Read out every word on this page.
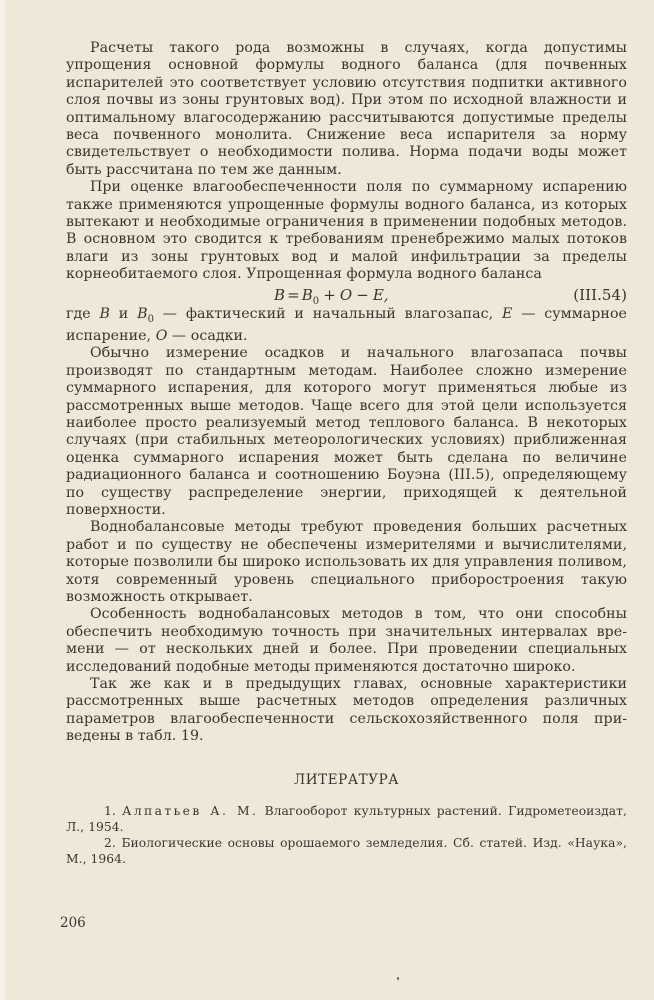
Расчеты такого рода возможны в случаях, когда допустимы упрощения основной формулы водного баланса (для почвенных испарителей это соответствует условию отсутствия подпитки активного слоя почвы из зоны грунтовых вод). При этом по исходной влажности и оптимальному влагосодержанию рассчитываются допустимые пределы веса почвенного монолита. Снижение веса испарителя за норму свидетельствует о необходимости полива. Норма подачи воды может быть рассчитана по тем же данным.

При оценке влагообеспеченности поля по суммарному испарению также применяются упрощенные формулы водного баланса, из которых вытекают и необходимые ограничения в применении подобных методов. В основном это сводится к требованиям пренебрежимо малых потоков влаги из зоны грунтовых вод и малой инфильтрации за пределы корнеобитаемого слоя. Упрощенная формула водного баланса

$B = B_0 + O - E$,	(III.54)

где B и $B_0$ — фактический и начальный влагозапас, E — суммарное испарение, O — осадки.

Обычно измерение осадков и начального влагозапаса почвы производят по стандартным методам. Наиболее сложно измерение суммарного испарения, для которого могут применяться любые из рассмотренных выше методов. Чаще всего для этой цели используется наиболее просто реализуемый метод теплового баланса. В некоторых случаях (при стабильных метеорологических условиях) приближенная оценка суммарного испарения может быть сделана по величине радиационного баланса и соотношению Боуэна (III.5), определяющему по существу распределение энергии, приходящей к деятельной поверхности.

Воднобалансовые методы требуют проведения больших расчетных работ и по существу не обеспечены измерителями и вычислителями, которые позволили бы широко использовать их для управления поливом, хотя современный уровень специального приборостроения такую возможность открывает.

Особенность воднобалансовых методов в том, что они способны обеспечить необходимую точность при значительных интервалах времени — от нескольких дней и более. При проведении специальных исследований подобные методы применяются достаточно широко.

Так же как и в предыдущих главах, основные характеристики рассмотренных выше расчетных методов определения различных параметров влагообеспеченности сельскохозяйственного поля приведены в табл. 19.

ЛИТЕРАТУРА

1. Алпатьев А. М. Влагооборот культурных растений. Гидрометеоиздат, Л., 1954.

2. Биологические основы орошаемого земледелия. Сб. статей. Изд. «Наука», М., 1964.

206
